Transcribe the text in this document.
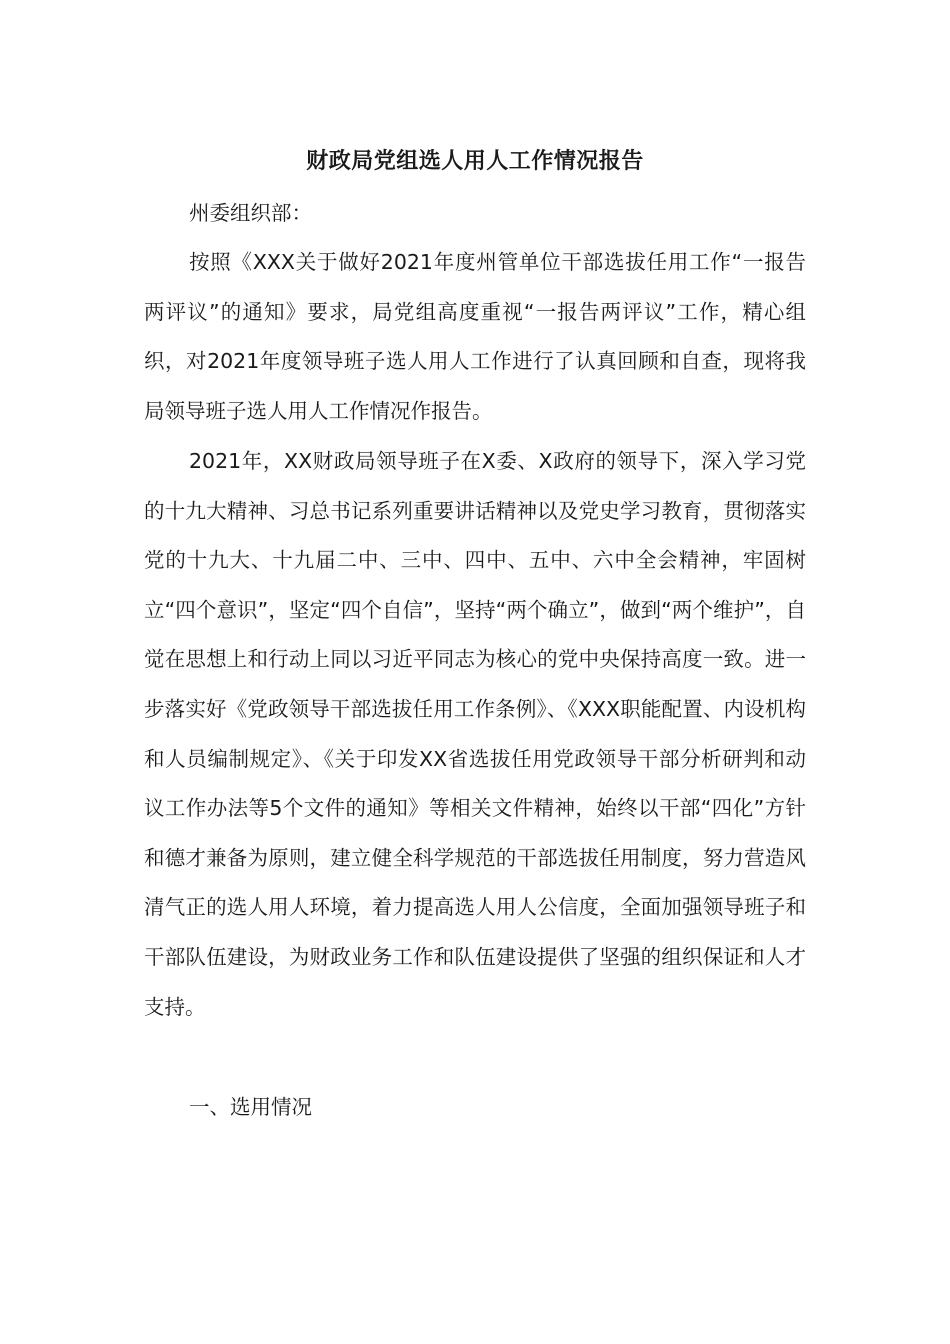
财政局党组选人用人工作情况报告
州委组织部：

按照《XXX关于做好2021年度州管单位干部选拔任用工作“一报告两评议”的通知》要求，局党组高度重视“一报告两评议”工作，精心组织，对2021年度领导班子选人用人工作进行了认真回顾和自查，现将我局领导班子选人用人工作情况作报告。

2021年，XX财政局领导班子在X委、X政府的领导下，深入学习党的十九大精神、习总书记系列重要讲话精神以及党史学习教育，贯彻落实党的十九大、十九届二中、三中、四中、五中、六中全会精神，牢固树立“四个意识”，坚定“四个自信”，坚持“两个确立”，做到“两个维护”，自觉在思想上和行动上同以习近平同志为核心的党中央保持高度一致。进一步落实好《党政领导干部选拔任用工作条例》、《XXX职能配置、内设机构和人员编制规定》、《关于印发XX省选拔任用党政领导干部分析研判和动议工作办法等5个文件的通知》等相关文件精神，始终以干部“四化”方针和德才兼备为原则，建立健全科学规范的干部选拔任用制度，努力营造风清气正的选人用人环境，着力提高选人用人公信度，全面加强领导班子和干部队伍建设，为财政业务工作和队伍建设提供了坚强的组织保证和人才支持。

一、选用情况
